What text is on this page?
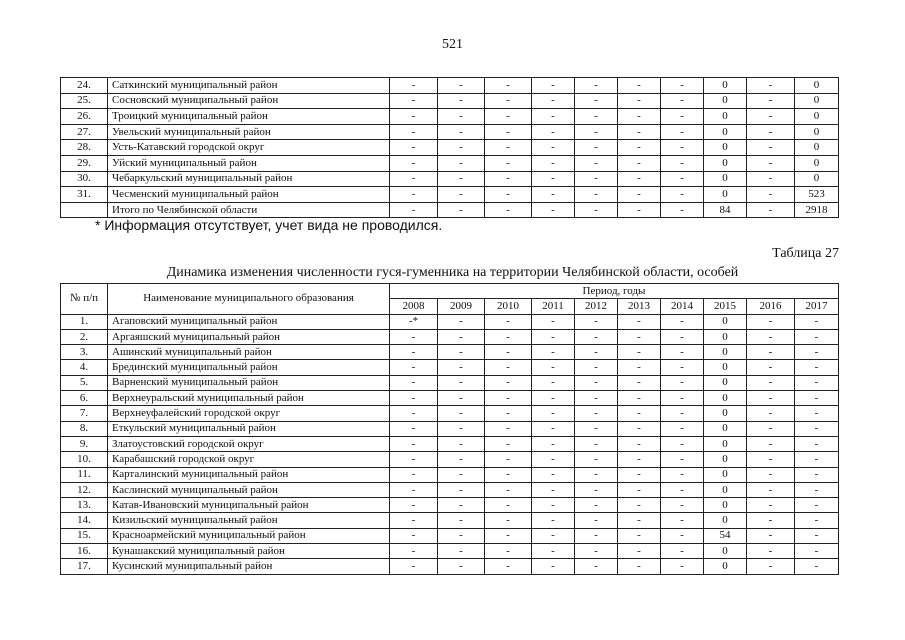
521
24.	Саткинский муниципальный район	-	-	-	-	-	-	-	0	-	0
25.	Сосновский муниципальный район	-	-	-	-	-	-	-	0	-	0
26.	Троицкий муниципальный район	-	-	-	-	-	-	-	0	-	0
27.	Увельский муниципальный район	-	-	-	-	-	-	-	0	-	0
28.	Усть-Катавский городской округ	-	-	-	-	-	-	-	0	-	0
29.	Уйский муниципальный район	-	-	-	-	-	-	-	0	-	0
30.	Чебаркульский муниципальный район	-	-	-	-	-	-	-	0	-	0
31.	Чесменский муниципальный район	-	-	-	-	-	-	-	0	-	523
	Итого по Челябинской области	-	-	-	-	-	-	-	84	-	2918
* Информация отсутствует, учет вида не проводился.
Таблица 27
Динамика изменения численности гуся-гуменника на территории Челябинской области, особей
№ п/п	Наименование муниципального образования	Период, годы									
		2008	2009	2010	2011	2012	2013	2014	2015	2016	2017
1.	Агаповский муниципальный район	-*	-	-	-	-	-	-	0	-	-
2.	Аргаяшский муниципальный район	-	-	-	-	-	-	-	0	-	-
3.	Ашинский муниципальный район	-	-	-	-	-	-	-	0	-	-
4.	Брединский муниципальный район	-	-	-	-	-	-	-	0	-	-
5.	Варненский муниципальный район	-	-	-	-	-	-	-	0	-	-
6.	Верхнеуральский муниципальный район	-	-	-	-	-	-	-	0	-	-
7.	Верхнеуфалейский городской округ	-	-	-	-	-	-	-	0	-	-
8.	Еткульский муниципальный район	-	-	-	-	-	-	-	0	-	-
9.	Златоустовский городской округ	-	-	-	-	-	-	-	0	-	-
10.	Карабашский городской округ	-	-	-	-	-	-	-	0	-	-
11.	Карталинский муниципальный район	-	-	-	-	-	-	-	0	-	-
12.	Каслинский муниципальный район	-	-	-	-	-	-	-	0	-	-
13.	Катав-Ивановский муниципальный район	-	-	-	-	-	-	-	0	-	-
14.	Кизильский муниципальный район	-	-	-	-	-	-	-	0	-	-
15.	Красноармейский муниципальный район	-	-	-	-	-	-	-	54	-	-
16.	Кунашакский муниципальный район	-	-	-	-	-	-	-	0	-	-
17.	Кусинский муниципальный район	-	-	-	-	-	-	-	0	-	-
